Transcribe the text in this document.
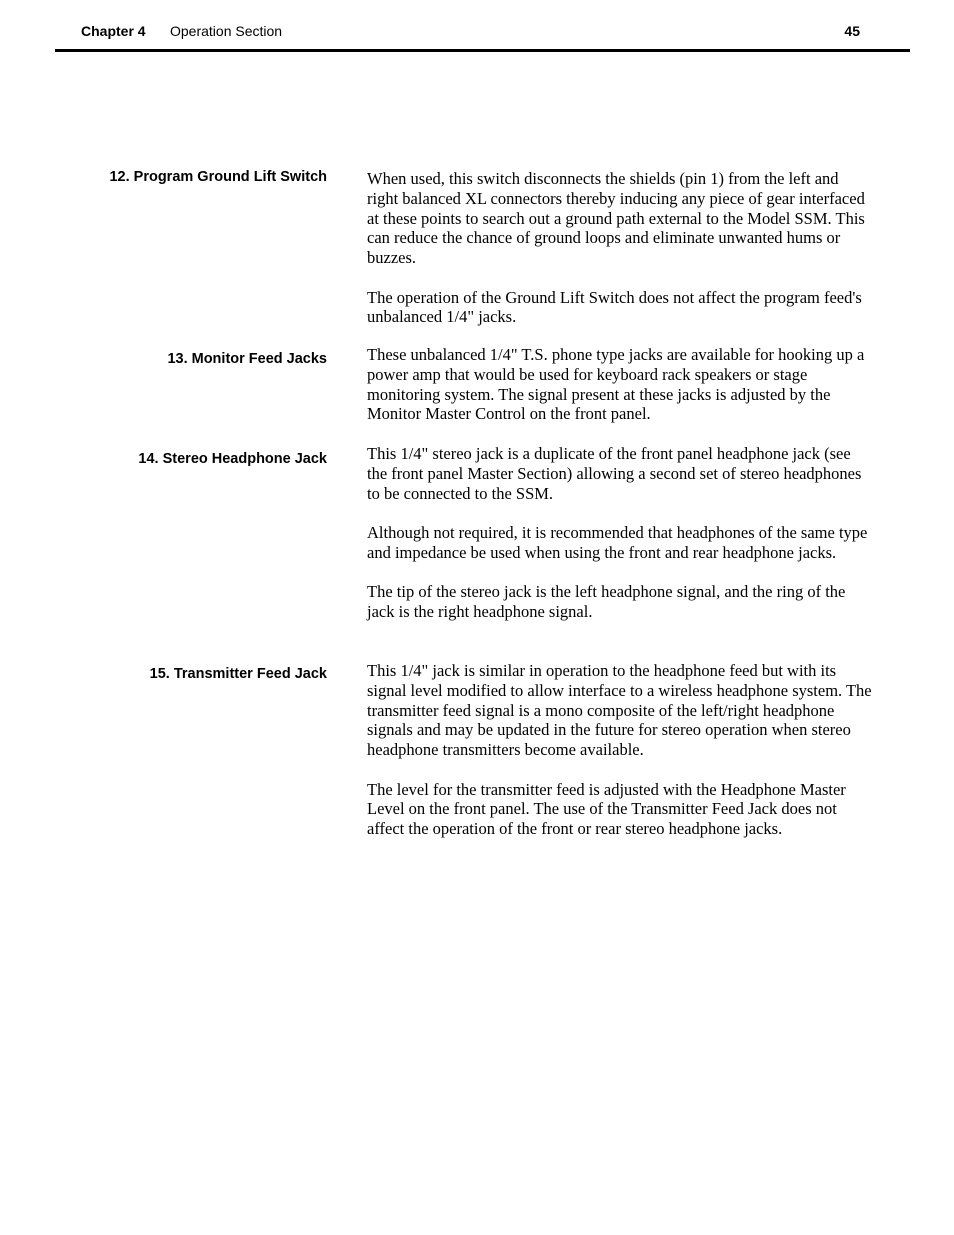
Chapter 4 Operation Section	45
12. Program Ground Lift Switch When used, this switch disconnects the shields (pin 1) from the left and right balanced XL connectors thereby inducing any piece of gear interfaced at these points to search out a ground path external to the Model SSM. This can reduce the chance of ground loops and eliminate unwanted hums or buzzes.

The operation of the Ground Lift Switch does not affect the program feed's unbalanced 1/4" jacks.

13. Monitor Feed Jacks These unbalanced 1/4" T.S. phone type jacks are available for hooking up a power amp that would be used for keyboard rack speakers or stage monitoring system. The signal present at these jacks is adjusted by the Monitor Master Control on the front panel.

14. Stereo Headphone Jack This 1/4" stereo jack is a duplicate of the front panel headphone jack (see the front panel Master Section) allowing a second set of stereo headphones to be connected to the SSM.

Although not required, it is recommended that headphones of the same type and impedance be used when using the front and rear headphone jacks.

The tip of the stereo jack is the left headphone signal, and the ring of the jack is the right headphone signal.

15. Transmitter Feed Jack This 1/4" jack is similar in operation to the headphone feed but with its signal level modified to allow interface to a wireless headphone system. The transmitter feed signal is a mono composite of the left/right headphone signals and may be updated in the future for stereo operation when stereo headphone transmitters become available.

The level for the transmitter feed is adjusted with the Headphone Master Level on the front panel. The use of the Transmitter Feed Jack does not affect the operation of the front or rear stereo headphone jacks.
